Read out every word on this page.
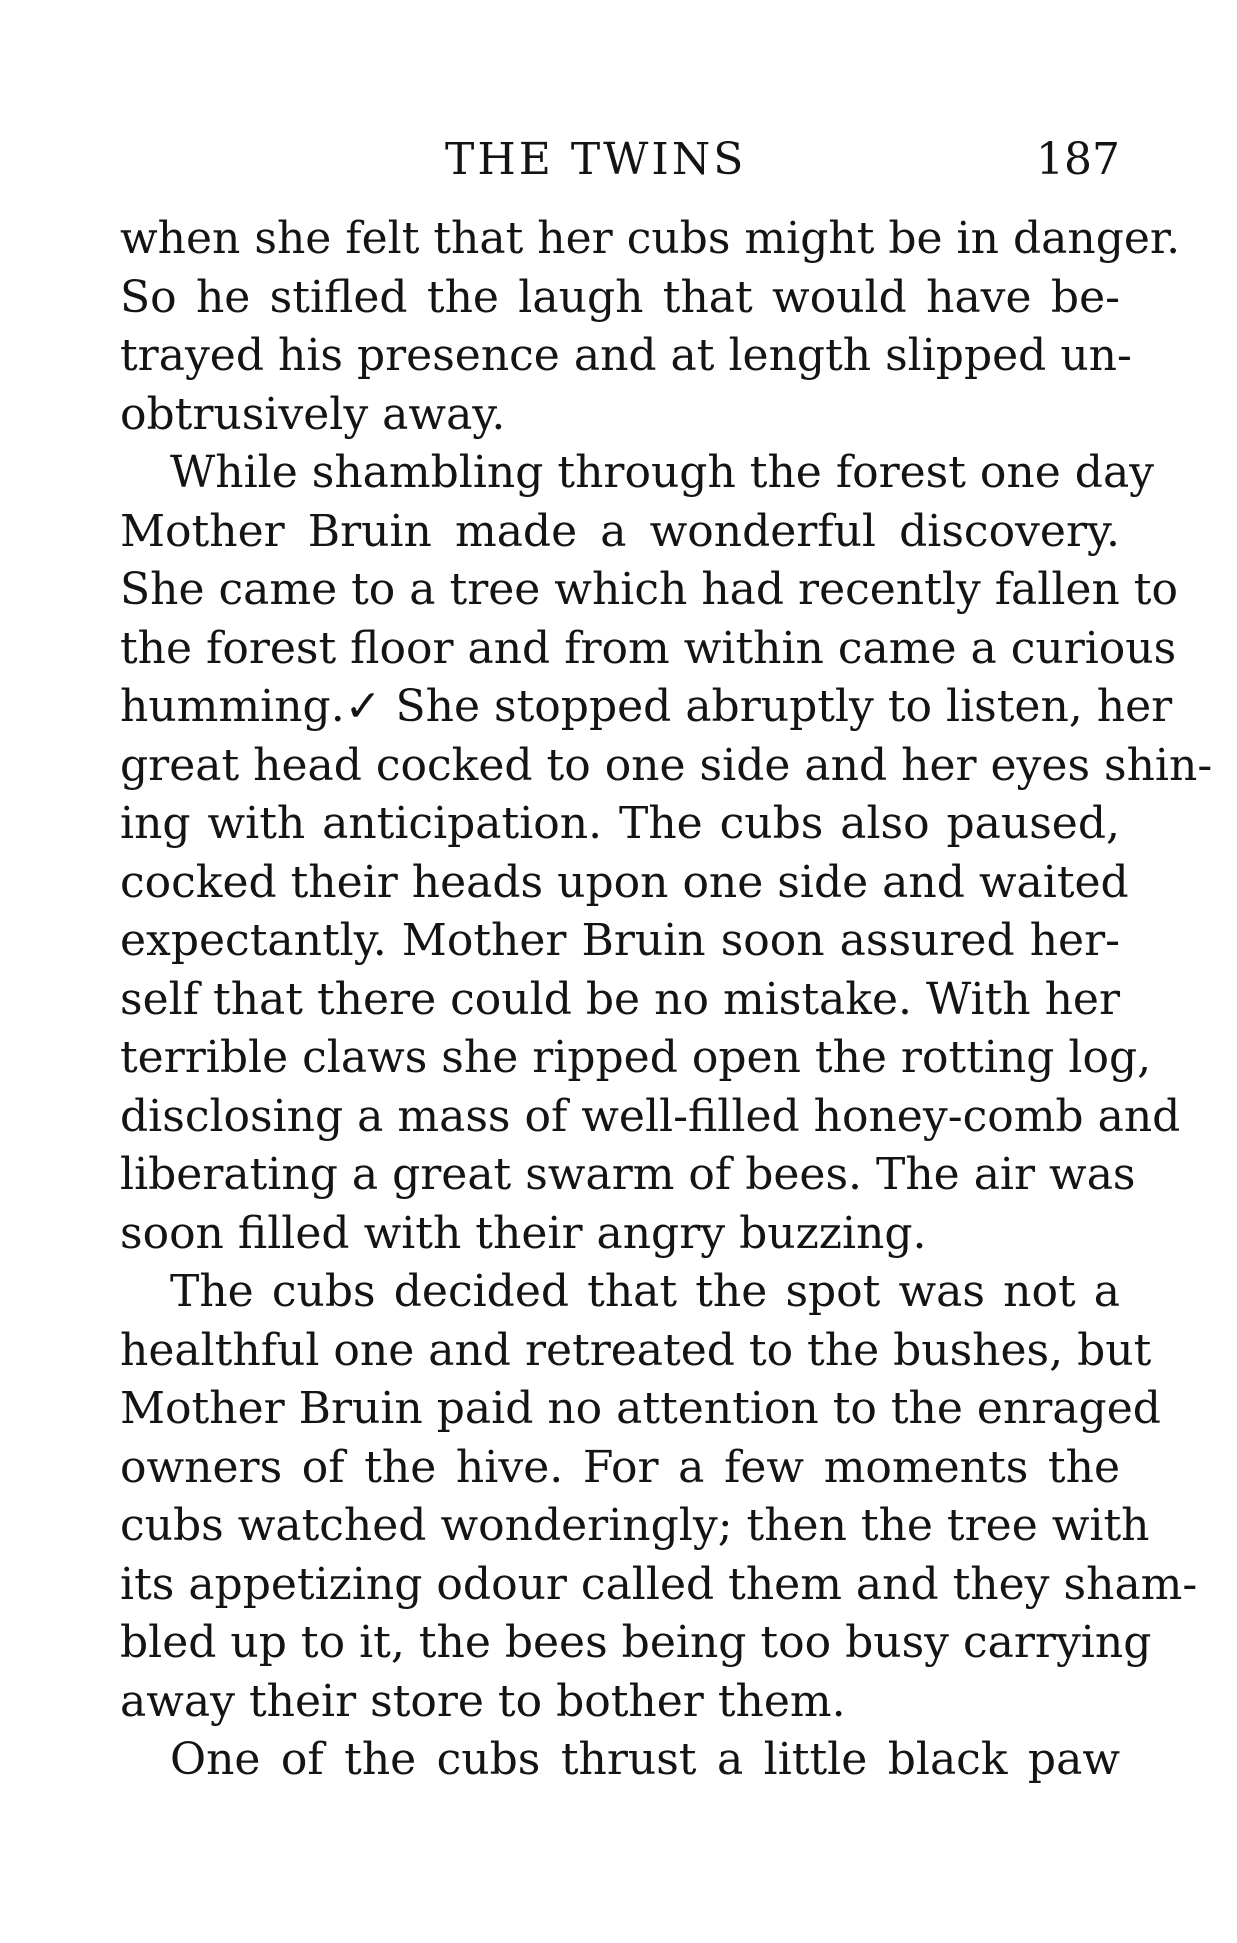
THE TWINS	187
when she felt that her cubs might be in danger.
So he stifled the laugh that would have be-
trayed his presence and at length slipped un-
obtrusively away.
While shambling through the forest one day
Mother Bruin made a wonderful discovery.
She came to a tree which had recently fallen to
the forest floor and from within came a curious
humming.✓ She stopped abruptly to listen, her
great head cocked to one side and her eyes shin-
ing with anticipation. The cubs also paused,
cocked their heads upon one side and waited
expectantly. Mother Bruin soon assured her-
self that there could be no mistake. With her
terrible claws she ripped open the rotting log,
disclosing a mass of well-filled honey-comb and
liberating a great swarm of bees. The air was
soon filled with their angry buzzing.
The cubs decided that the spot was not a
healthful one and retreated to the bushes, but
Mother Bruin paid no attention to the enraged
owners of the hive. For a few moments the
cubs watched wonderingly; then the tree with
its appetizing odour called them and they sham-
bled up to it, the bees being too busy carrying
away their store to bother them.
One of the cubs thrust a little black paw
